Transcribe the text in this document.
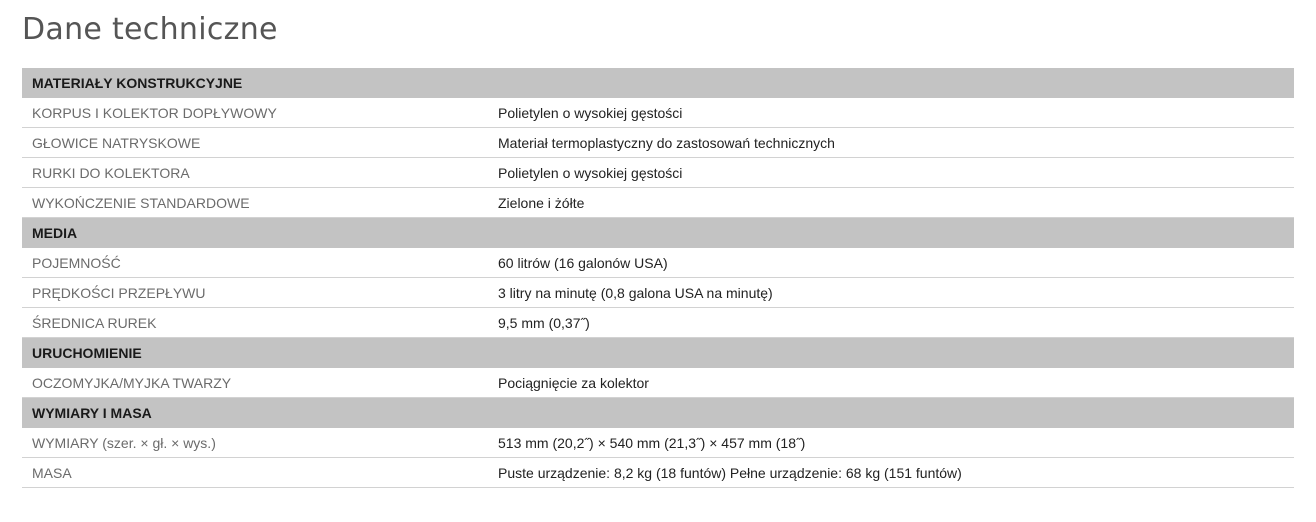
Dane techniczne
MATERIAŁY KONSTRUKCYJNE
KORPUS I KOLEKTOR DOPŁYWOWY	Polietylen o wysokiej gęstości
GŁOWICE NATRYSKOWE	Materiał termoplastyczny do zastosowań technicznych
RURKI DO KOLEKTORA	Polietylen o wysokiej gęstości
WYKOŃCZENIE STANDARDOWE	Zielone i żółte
MEDIA
POJEMNOŚĆ	60 litrów (16 galonów USA)
PRĘDKOŚCI PRZEPŁYWU	3 litry na minutę (0,8 galona USA na minutę)
ŚREDNICA RUREK	9,5 mm (0,37˝)
URUCHOMIENIE
OCZOMYJKA/MYJKA TWARZY	Pociągnięcie za kolektor
WYMIARY I MASA
WYMIARY (szer. × gł. × wys.)	513 mm (20,2˝) × 540 mm (21,3˝) × 457 mm (18˝)
MASA	Puste urządzenie: 8,2 kg (18 funtów) Pełne urządzenie: 68 kg (151 funtów)
